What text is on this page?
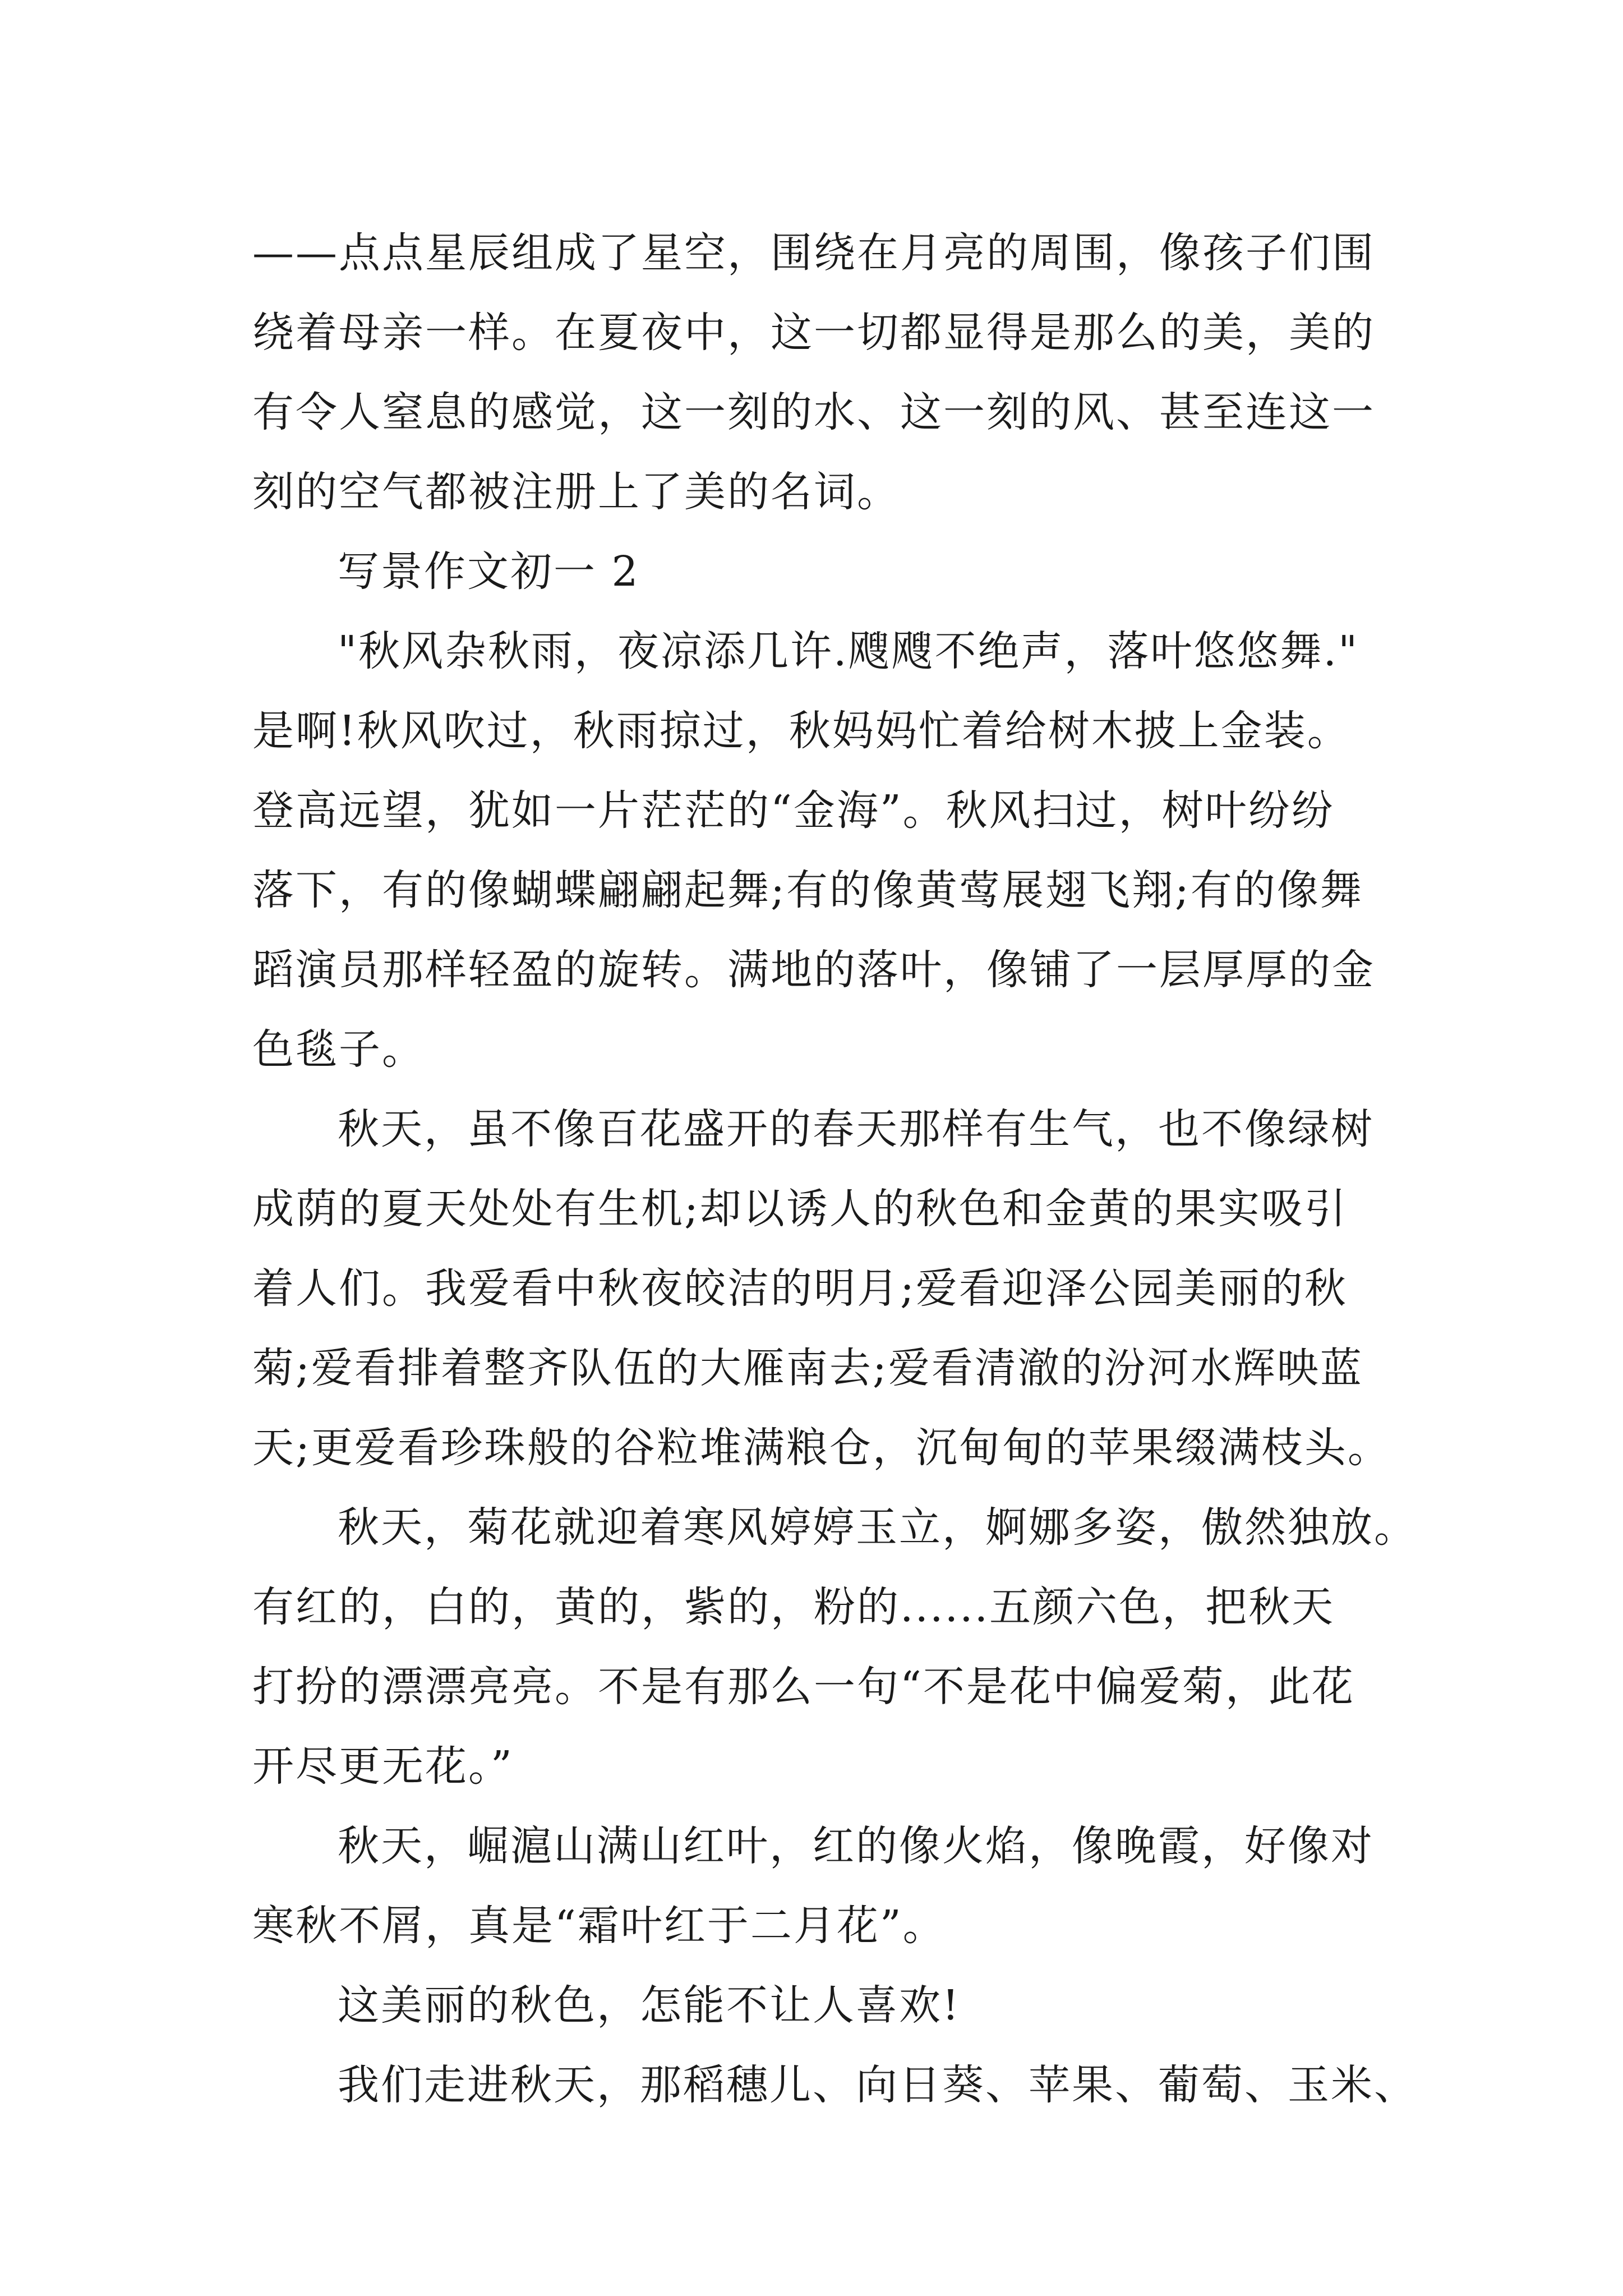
——点点星辰组成了星空，围绕在月亮的周围，像孩子们围
绕着母亲一样。在夏夜中，这一切都显得是那么的美，美的
有令人窒息的感觉，这一刻的水、这一刻的风、甚至连这一
刻的空气都被注册上了美的名词。
写景作文初一 2
"秋风杂秋雨，夜凉添几许.飕飕不绝声，落叶悠悠舞."
是啊!秋风吹过，秋雨掠过，秋妈妈忙着给树木披上金装。
登高远望，犹如一片茫茫的“金海”。秋风扫过，树叶纷纷
落下，有的像蝴蝶翩翩起舞;有的像黄莺展翅飞翔;有的像舞
蹈演员那样轻盈的旋转。满地的落叶，像铺了一层厚厚的金
色毯子。
秋天，虽不像百花盛开的春天那样有生气，也不像绿树
成荫的夏天处处有生机;却以诱人的秋色和金黄的果实吸引
着人们。我爱看中秋夜皎洁的明月;爱看迎泽公园美丽的秋
菊;爱看排着整齐队伍的大雁南去;爱看清澈的汾河水辉映蓝
天;更爱看珍珠般的谷粒堆满粮仓，沉甸甸的苹果缀满枝头。
秋天，菊花就迎着寒风婷婷玉立，婀娜多姿，傲然独放。
有红的，白的，黄的，紫的，粉的......五颜六色，把秋天
打扮的漂漂亮亮。不是有那么一句“不是花中偏爱菊，此花
开尽更无花。”
秋天，崛滬山满山红叶，红的像火焰，像晚霞，好像对
寒秋不屑，真是“霜叶红于二月花”。
这美丽的秋色，怎能不让人喜欢!
我们走进秋天，那稻穗儿、向日葵、苹果、葡萄、玉米、
